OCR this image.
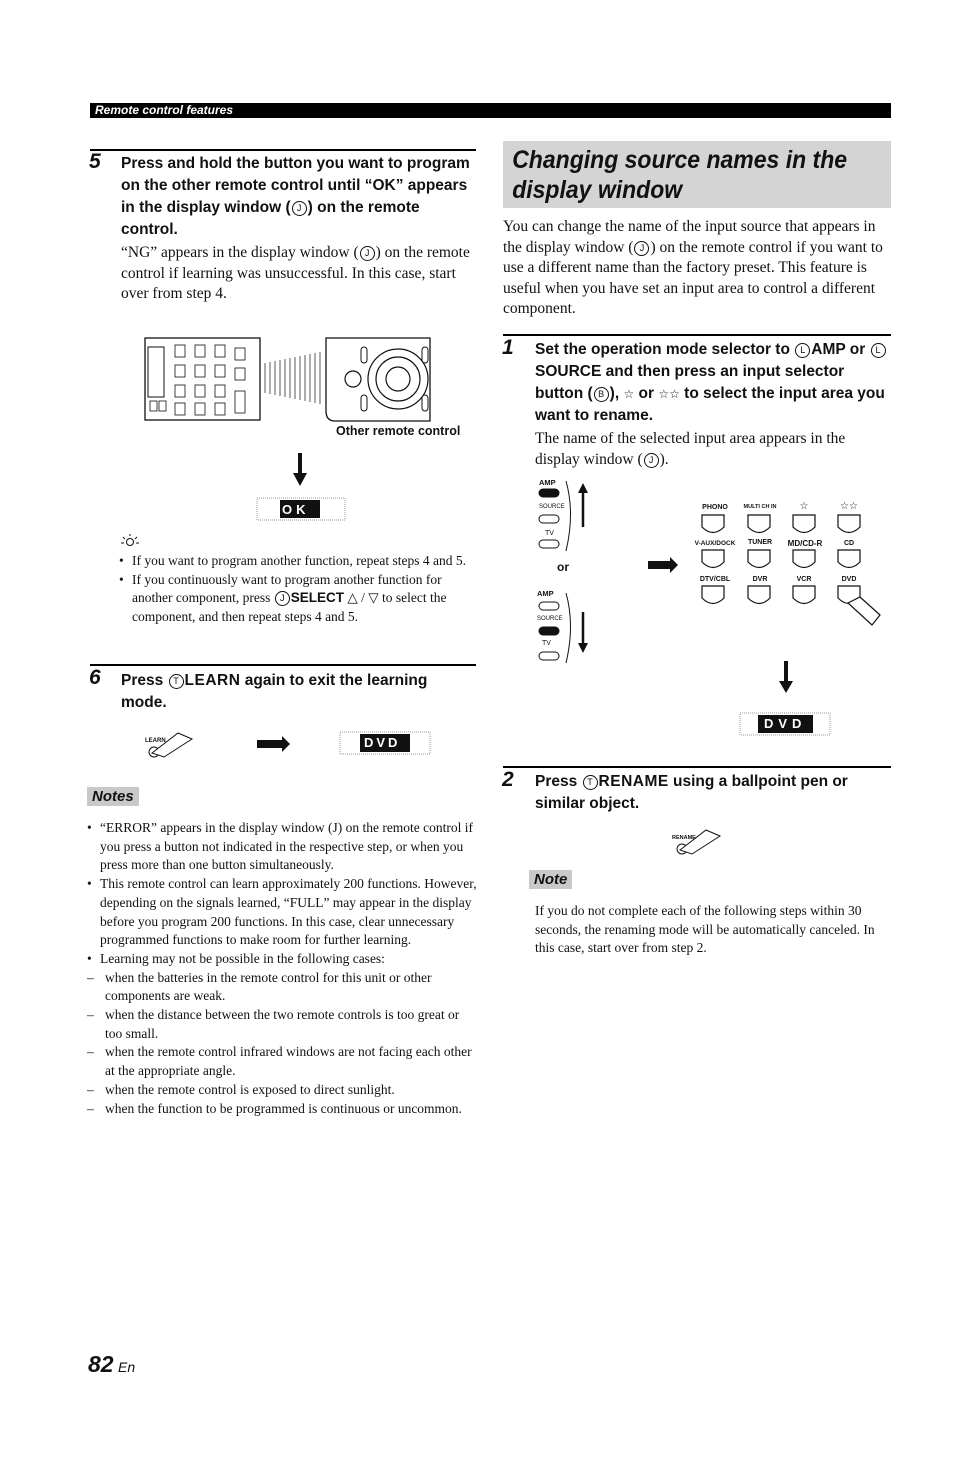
Remote control features
5 Press and hold the button you want to program on the other remote control until “OK” appears in the display window ( J ) on the remote control.
“NG” appears in the display window ( J ) on the remote control if learning was unsuccessful. In this case, start over from step 4.
Other remote control
OK
• If you want to program another function, repeat steps 4 and 5.
• If you continuously want to program another function for another component, press J SELECT △ / ▽ to select the component, and then repeat steps 4 and 5.
6 Press T LEARN again to exit the learning mode.
LEARN	DVD
Notes
• “ERROR” appears in the display window (J) on the remote control if you press a button not indicated in the respective step, or when you press more than one button simultaneously.
• This remote control can learn approximately 200 functions. However, depending on the signals learned, “FULL” may appear in the display before you program 200 functions. In this case, clear unnecessary programmed functions to make room for further learning.
• Learning may not be possible in the following cases:
– when the batteries in the remote control for this unit or other components are weak.
– when the distance between the two remote controls is too great or too small.
– when the remote control infrared windows are not facing each other at the appropriate angle.
– when the remote control is exposed to direct sunlight.
– when the function to be programmed is continuous or uncommon.
Changing source names in the display window
You can change the name of the input source that appears in the display window ( J ) on the remote control if you want to use a different name than the factory preset. This feature is useful when you have set an input area to control a different component.
1 Set the operation mode selector to L AMP or LSOURCE and then press an input selector button ( B ), ☆ or ☆☆ to select the input area you want to rename.
The name of the selected input area appears in the display window ( J ).
AMP
SOURCE
TV
or
AMP
SOURCE
TV
PHONO	MULTI CH IN	☆	☆☆
V-AUX/DOCK	TUNER	MD/CD-R	CD
DTV/CBL	DVR	VCR	DVD
DVD
2 Press T RENAME using a ballpoint pen or similar object.
RENAME
Note
If you do not complete each of the following steps within 30 seconds, the renaming mode will be automatically canceled. In this case, start over from step 2.
82 En
